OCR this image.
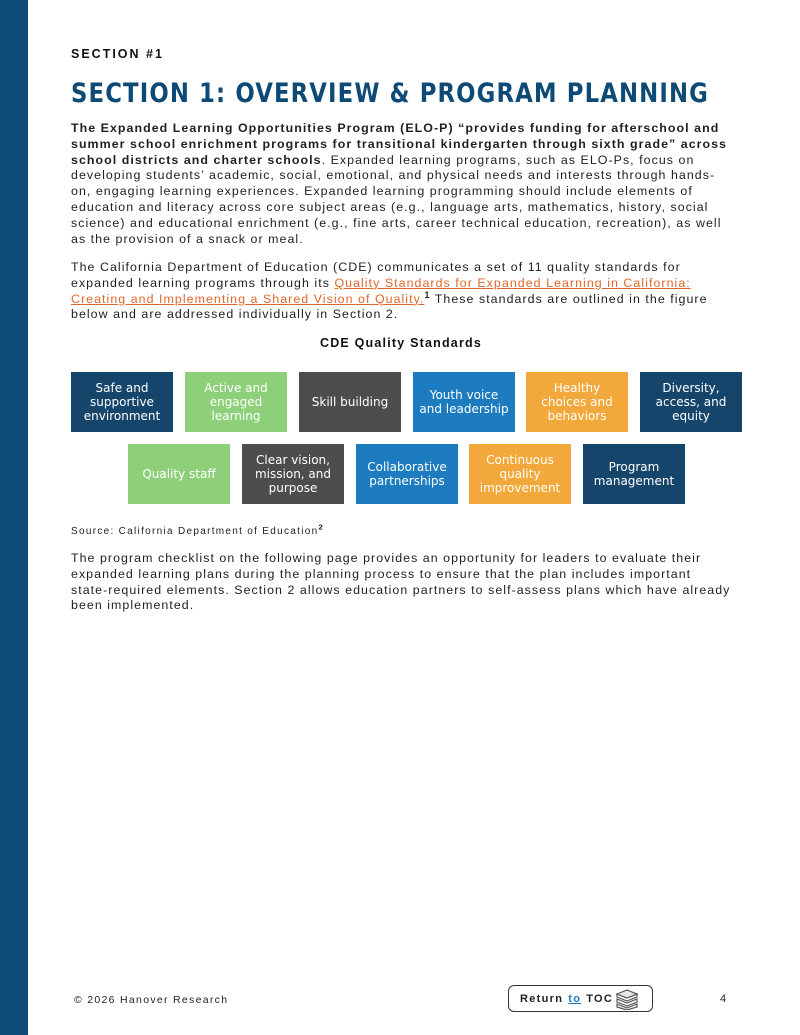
SECTION #1
SECTION 1: OVERVIEW & PROGRAM PLANNING

The Expanded Learning Opportunities Program (ELO-P) “provides funding for afterschool and summer school enrichment programs for transitional kindergarten through sixth grade” across school districts and charter schools. Expanded learning programs, such as ELO-Ps, focus on developing students’ academic, social, emotional, and physical needs and interests through hands-on, engaging learning experiences. Expanded learning programming should include elements of education and literacy across core subject areas (e.g., language arts, mathematics, history, social science) and educational enrichment (e.g., fine arts, career technical education, recreation), as well as the provision of a snack or meal.

The California Department of Education (CDE) communicates a set of 11 quality standards for expanded learning programs through its Quality Standards for Expanded Learning in California: Creating and Implementing a Shared Vision of Quality.$^1$ These standards are outlined in the figure below and are addressed individually in Section 2.

CDE Quality Standards
Safe and supportive environment
Active and engaged learning
Skill building	Youth voice and leadership
Healthy choices and behaviors
Diversity, access, and equity
Quality staff
Clear vision, mission, and purpose
Collaborative partnerships
Continuous quality improvement
Program management
Source: California Department of Education$^2$

The program checklist on the following page provides an opportunity for leaders to evaluate their expanded learning plans during the planning process to ensure that the plan includes important state-required elements. Section 2 allows education partners to self-assess plans which have already been implemented.

© 2026 Hanover Research	Return to TOC	4
